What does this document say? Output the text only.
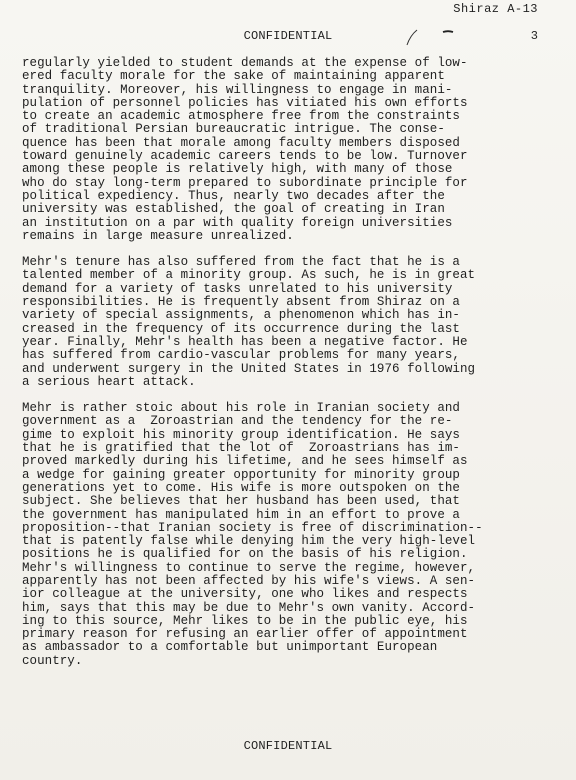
Shiraz A-13
CONFIDENTIAL	3

regularly yielded to student demands at the expense of low-
ered faculty morale for the sake of maintaining apparent
tranquility. Moreover, his willingness to engage in mani-
pulation of personnel policies has vitiated his own efforts
to create an academic atmosphere free from the constraints
of traditional Persian bureaucratic intrigue. The conse-
quence has been that morale among faculty members disposed
toward genuinely academic careers tends to be low. Turnover
among these people is relatively high, with many of those
who do stay long-term prepared to subordinate principle for
political expediency. Thus, nearly two decades after the
university was established, the goal of creating in Iran
an institution on a par with quality foreign universities
remains in large measure unrealized.

Mehr's tenure has also suffered from the fact that he is a
talented member of a minority group. As such, he is in great
demand for a variety of tasks unrelated to his university
responsibilities. He is frequently absent from Shiraz on a
variety of special assignments, a phenomenon which has in-
creased in the frequency of its occurrence during the last
year. Finally, Mehr's health has been a negative factor. He
has suffered from cardio-vascular problems for many years,
and underwent surgery in the United States in 1976 following
a serious heart attack.

Mehr is rather stoic about his role in Iranian society and
government as a  Zoroastrian and the tendency for the re-
gime to exploit his minority group identification. He says
that he is gratified that the lot of  Zoroastrians has im-
proved markedly during his lifetime, and he sees himself as
a wedge for gaining greater opportunity for minority group
generations yet to come. His wife is more outspoken on the
subject. She believes that her husband has been used, that
the government has manipulated him in an effort to prove a
proposition--that Iranian society is free of discrimination--
that is patently false while denying him the very high-level
positions he is qualified for on the basis of his religion.
Mehr's willingness to continue to serve the regime, however,
apparently has not been affected by his wife's views. A sen-
ior colleague at the university, one who likes and respects
him, says that this may be due to Mehr's own vanity. Accord-
ing to this source, Mehr likes to be in the public eye, his
primary reason for refusing an earlier offer of appointment
as ambassador to a comfortable but unimportant European
country.

CONFIDENTIAL
